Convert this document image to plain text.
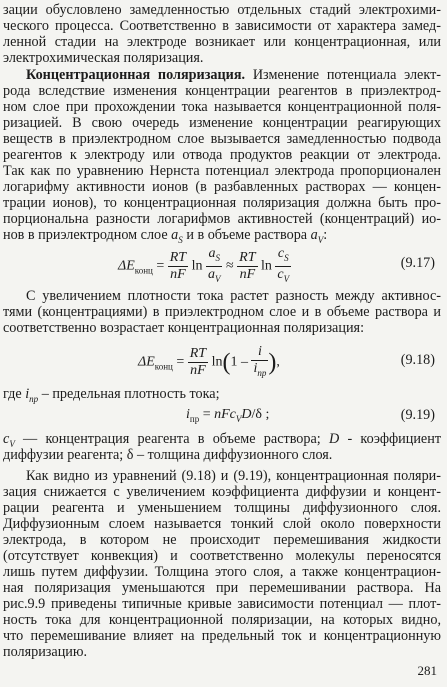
зации обусловлено замедленностью отдельных стадий электрохими-
ческого процесса. Соответственно в зависимости от характера замед-
ленной стадии на электроде возникает или концентрационная, или
электрохимическая поляризация.
Концентрационная поляризация. Изменение потенциала элект-
рода вследствие изменения концентрации реагентов в приэлектрод-
ном слое при прохождении тока называется концентрационной поля-
ризацией. В свою очередь изменение концентрации реагирующих
веществ в приэлектродном слое вызывается замедленностью подвода
реагентов к электроду или отвода продуктов реакции от электрода.
Так как по уравнению Нернста потенциал электрода пропорционален
логарифму активности ионов (в разбавленных растворах — концен-
трации ионов), то концентрационная поляризация должна быть про-
порциональна разности логарифмов активностей (концентраций) ио-
нов в приэлектродном слое $a_S$ и в объеме раствора $a_V$:
$\Delta E_{конц} = \frac{RT}{nF}$ $\ln \frac{a_S}{a_V} \approx \frac{RT}{nF}$ $\ln \frac{c_S}{c_V}$	(9.17)
С увеличением плотности тока растет разность между активнос-
тями (концентрациями) в приэлектродном слое и в объеме раствора и
соответственно возрастает концентрационная поляризация:
$\Delta E_{конц} = \frac{RT}{nF} \ln(1 - \frac{i}{i_{пр}}$ ),	(9.18)
где $i_{пр}$ – предельная плотность тока;
$i_{пр} = nFc_VD/\delta$ ;	(9.19)
$c_V$ — концентрация реагента в объеме раствора; D - коэффициент
диффузии реагента; δ – толщина диффузионного слоя.
Как видно из уравнений (9.18) и (9.19), концентрационная поляри-
зация снижается с увеличением коэффициента диффузии и концент-
рации реагента и уменьшением толщины диффузионного слоя.
Диффузионным слоем называется тонкий слой около поверхности
электрода, в котором не происходит перемешивания жидкости
(отсутствует конвекция) и соответственно молекулы переносятся
лишь путем диффузии. Толщина этого слоя, а также концентрацион-
ная поляризация уменьшаются при перемешивании раствора. На
рис.9.9 приведены типичные кривые зависимости потенциал — плот-
ность тока для концентрационной поляризации, на которых видно,
что перемешивание влияет на предельный ток и концентрационную
поляризацию.
281
